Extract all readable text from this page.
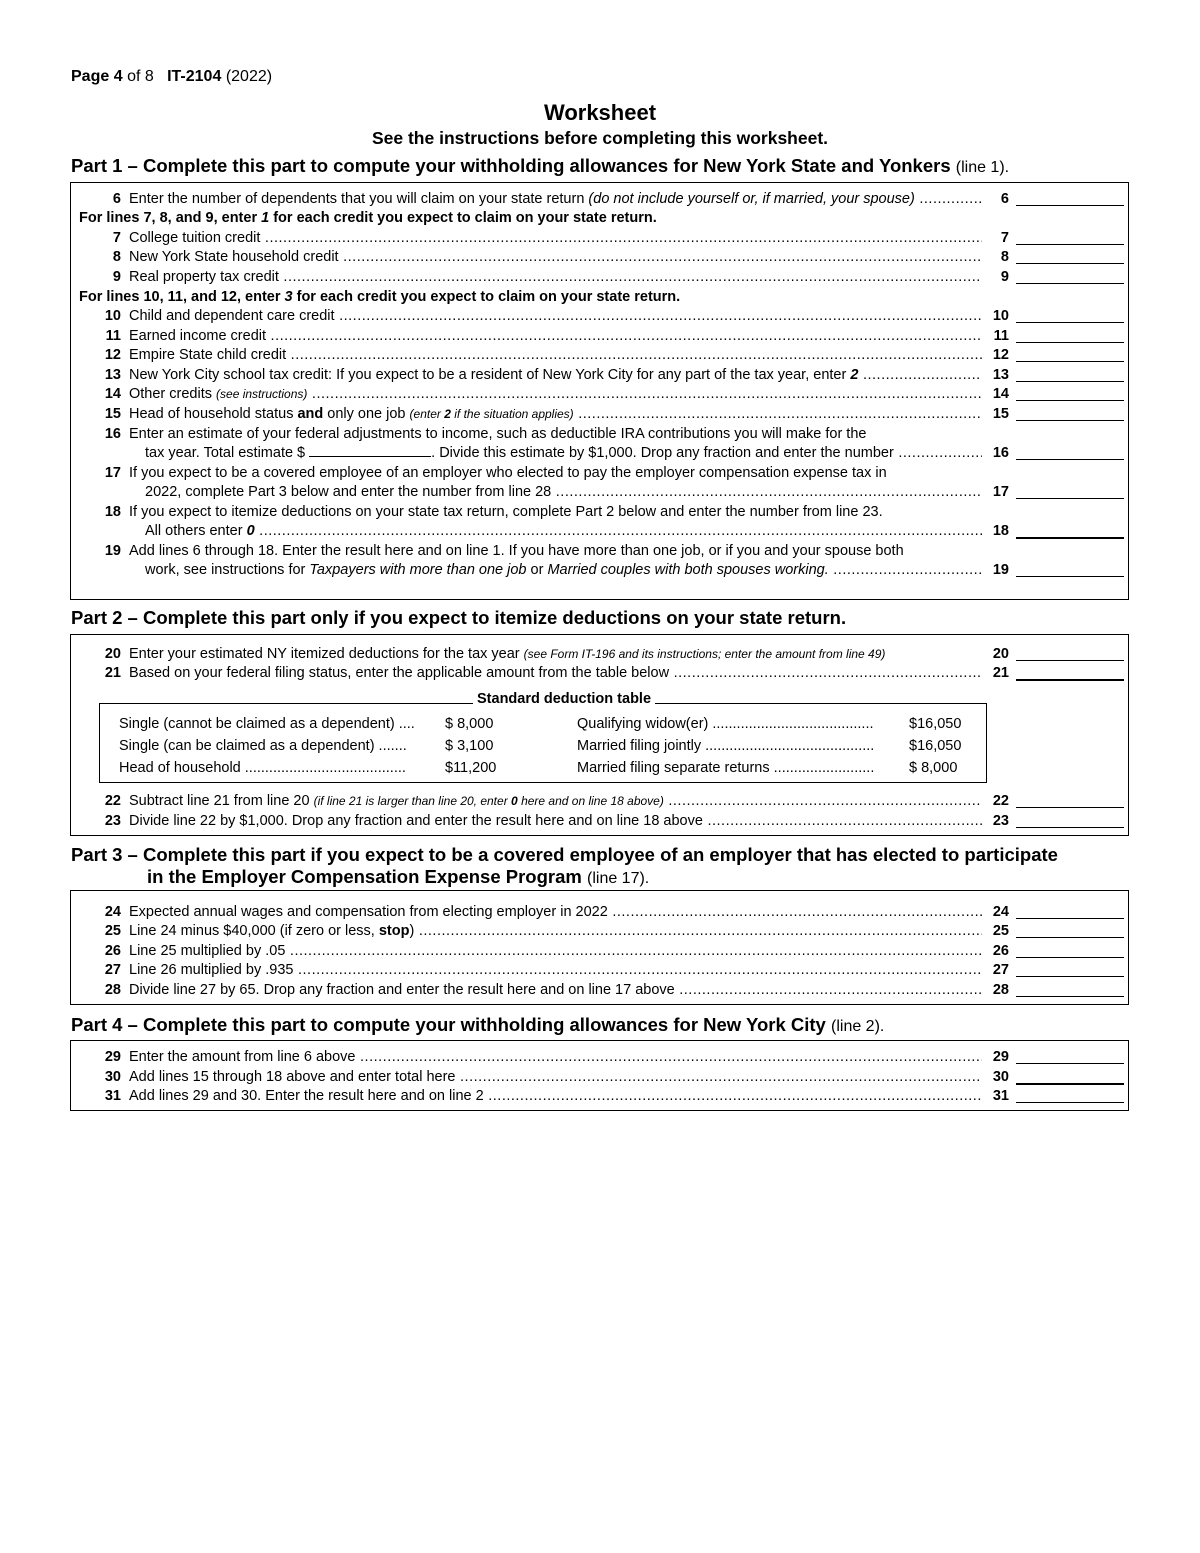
Page 4 of 8 IT-2104 (2022)
Worksheet
See the instructions before completing this worksheet.
Part 1 – Complete this part to compute your withholding allowances for New York State and Yonkers (line 1).
6 Enter the number of dependents that you will claim on your state return (do not include yourself or, if married, your spouse) .....	6
For lines 7, 8, and 9, enter 1 for each credit you expect to claim on your state return.
7 College tuition credit .....	7
8 New York State household credit .....	8
9 Real property tax credit .....	9
For lines 10, 11, and 12, enter 3 for each credit you expect to claim on your state return.
10 Child and dependent care credit .....	10
11 Earned income credit .....	11
12 Empire State child credit .....	12
13 New York City school tax credit: If you expect to be a resident of New York City for any part of the tax year, enter 2 .....	13
14 Other credits (see instructions) .....	14
15 Head of household status and only one job (enter 2 if the situation applies) .....	15
16 Enter an estimate of your federal adjustments to income, such as deductible IRA contributions you will make for the
tax year. Total estimate $	. Divide this estimate by $1,000. Drop any fraction and enter the number .....	16
17 If you expect to be a covered employee of an employer who elected to pay the employer compensation expense tax in
2022, complete Part 3 below and enter the number from line 28 .....	17
18 If you expect to itemize deductions on your state tax return, complete Part 2 below and enter the number from line 23.
All others enter 0 .....	18
19 Add lines 6 through 18. Enter the result here and on line 1. If you have more than one job, or if you and your spouse both
work, see instructions for Taxpayers with more than one job or Married couples with both spouses working. .....	19
Part 2 – Complete this part only if you expect to itemize deductions on your state return.
20 Enter your estimated NY itemized deductions for the tax year (see Form IT-196 and its instructions; enter the amount from line 49)	20
21 Based on your federal filing status, enter the applicable amount from the table below .....	21
Single (cannot be claimed as a dependent) .... $ 8,000	Qualifying widow(er) ........................................ $16,050
Single (can be claimed as a dependent) .......	$ 3,100	Married filing jointly .......................................... $16,050
Head of household ........................................	$11,200	Married filing separate returns ......................... $ 8,000
Standard deduction table
22 Subtract line 21 from line 20 (if line 21 is larger than line 20, enter 0 here and on line 18 above) .....	22
23 Divide line 22 by $1,000. Drop any fraction and enter the result here and on line 18 above .....	23
Part 3 – Complete this part if you expect to be a covered employee of an employer that has elected to participate
in the Employer Compensation Expense Program (line 17).
24 Expected annual wages and compensation from electing employer in 2022 .....	24
25 Line 24 minus $40,000 (if zero or less, stop) .....	25
26 Line 25 multiplied by .05 .....	26
27 Line 26 multiplied by .935 .....	27
28 Divide line 27 by 65. Drop any fraction and enter the result here and on line 17 above .....	28
Part 4 – Complete this part to compute your withholding allowances for New York City (line 2).
29 Enter the amount from line 6 above .....	29
30 Add lines 15 through 18 above and enter total here .....	30
31 Add lines 29 and 30. Enter the result here and on line 2 .....	31
